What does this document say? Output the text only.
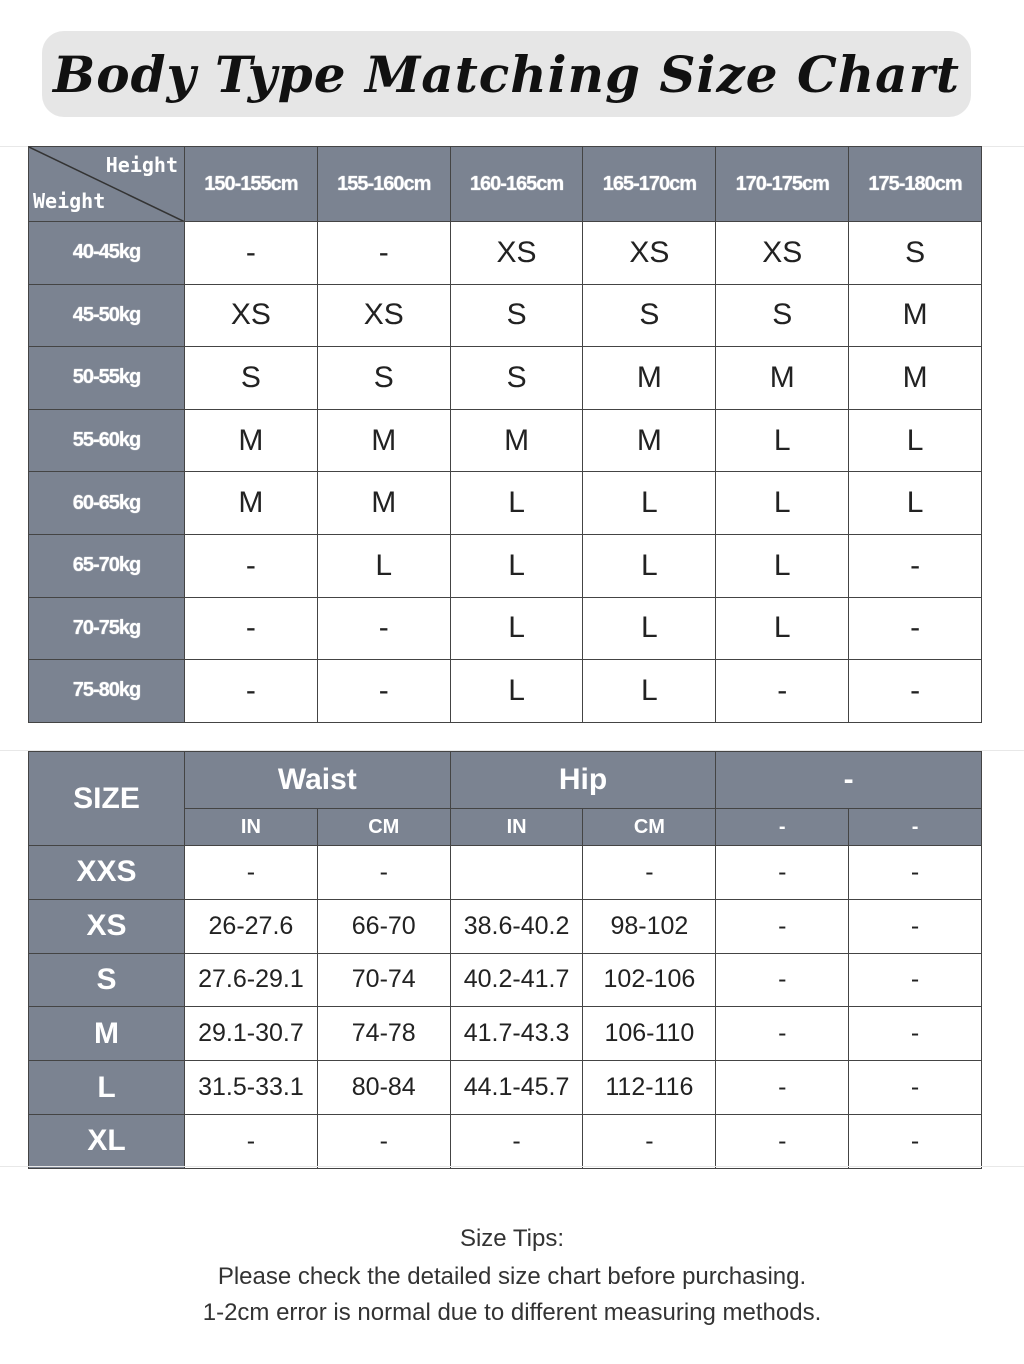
Body Type Matching Size Chart
Height
Weight	150-155cm	155-160cm	160-165cm	165-170cm	170-175cm	175-180cm
40-45kg	-	-	XS	XS	XS	S
45-50kg	XS	XS	S	S	S	M
50-55kg	S	S	S	M	M	M
55-60kg	M	M	M	M	L	L
60-65kg	M	M	L	L	L	L
65-70kg	-	L	L	L	L	-
70-75kg	-	-	L	L	L	-
75-80kg	-	-	L	L	-	-
SIZE	Waist		Hip		-	
	IN	CM	IN	CM	-	-
XXS	-	-		-	-	-
XS	26-27.6	66-70	38.6-40.2	98-102	-	-
S	27.6-29.1	70-74	40.2-41.7	102-106	-	-
M	29.1-30.7	74-78	41.7-43.3	106-110	-	-
L	31.5-33.1	80-84	44.1-45.7	112-116	-	-
XL	-	-	-	-	-	-
Size Tips:
Please check the detailed size chart before purchasing.
1-2cm error is normal due to different measuring methods.
